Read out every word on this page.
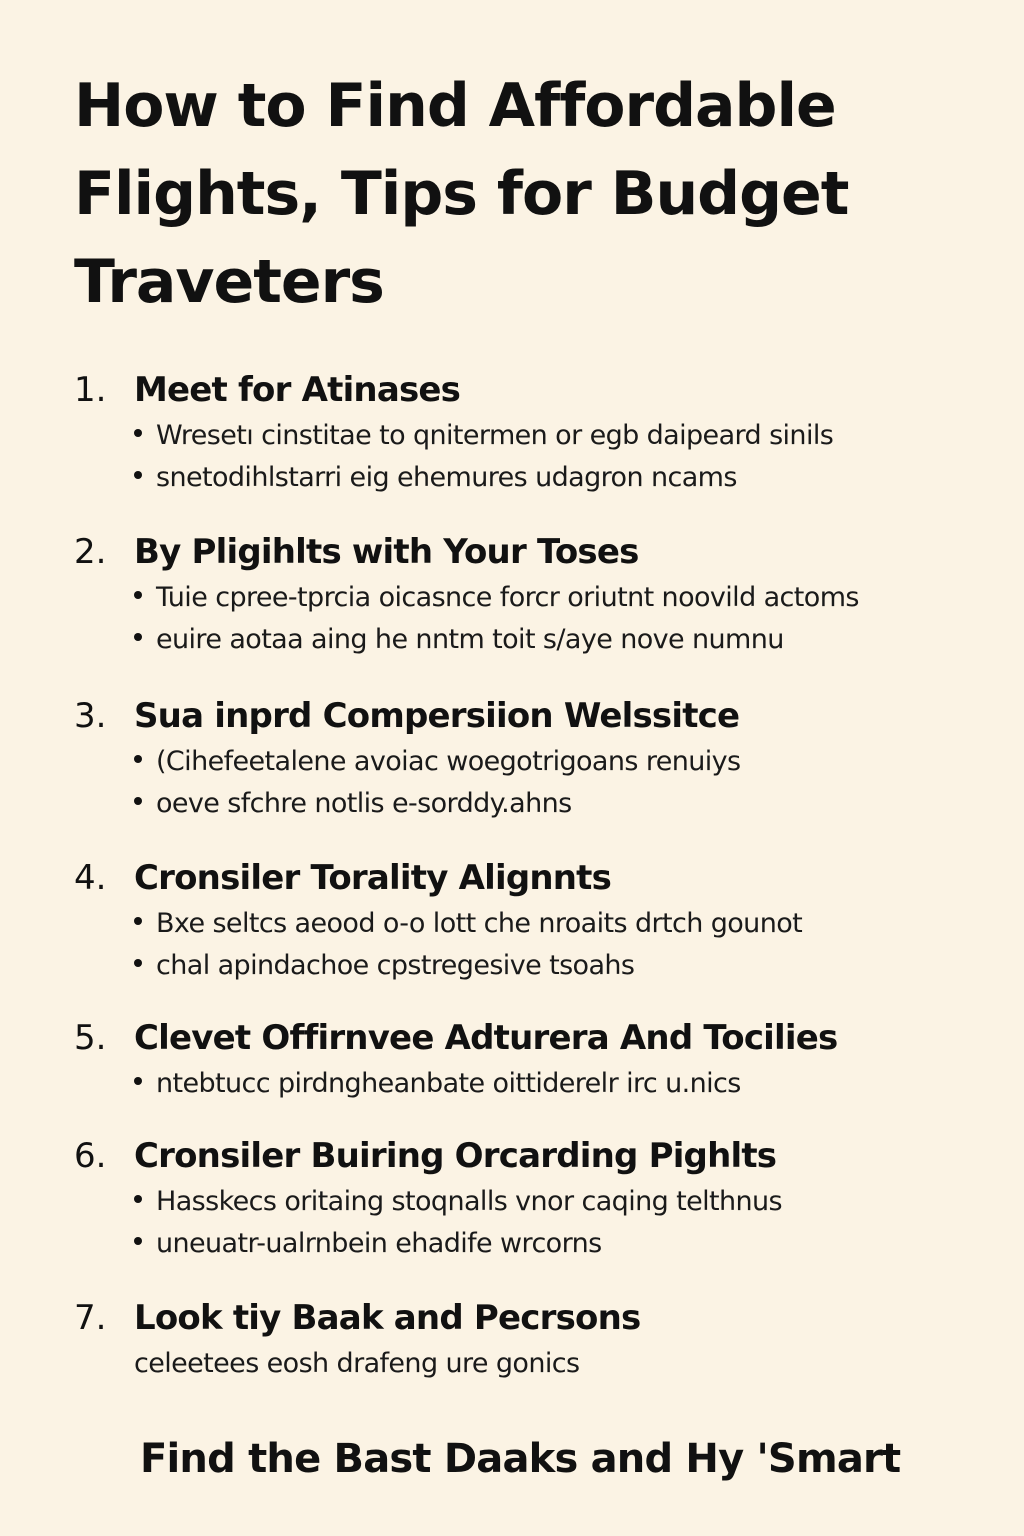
How to Find Affordable Flights, Tips for Budget Traveters
1. Meet for Atinases
Wresetı cinstitae to qnitermen or egb daipeard sinils
snetodihlstarri eig ehemures udagron ncams
2. By Pligihlts with Your Toses
Tuie cpree-tprcia oicasnce forcr oriutnt noovild actoms
euire aotaa aing he nntm toit s/aye nove numnu
3. Sua inprd Compersiion Welssitce
(Cihefeetalene avoiac woegotrigoans renuiys
oeve sfchre notlis e-sorddy.ahns
4. Cronsiler Torality Alignnts
Bxe seltcs aeood o-o lott che nroaits drtch gounot
chal apindachoe cpstregesive tsoahs
5. Clevet Offirnvee Adturera And Tocilies
ntebtucc pirdngheanbate oittiderelr irc u.nics
6. Cronsiler Buiring Orcarding Pighlts
Hasskecs oritaing stoqnalls vnor caqing telthnus
uneuatr-ualrnbein ehadife wrcorns
7. Look tiy Baak and Pecrsons
celeetees eosh drafeng ure gonics
Find the Bast Daaks and Hy 'Smart
